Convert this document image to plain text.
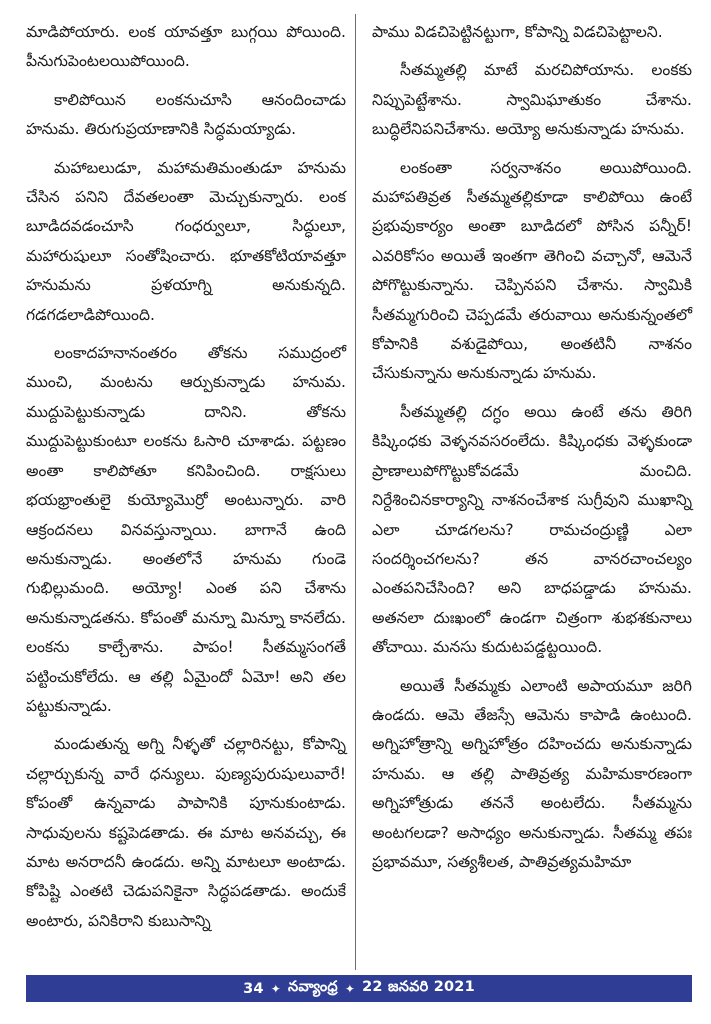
మాడిపోయారు. లంక యావత్తూ బుగ్గయి పోయింది. పీనుగుపెంటలయిపోయింది.

కాలిపోయిన లంకనుచూసి ఆనందించాడు హనుమ. తిరుగుప్రయాణానికి సిద్ధమయ్యాడు.

మహాబలుడూ, మహామతిమంతుడూ హనుమ చేసిన పనిని దేవతలంతా మెచ్చుకున్నారు. లంక బూడిదవడంచూసి గంధర్వులూ, సిద్ధులూ, మహారుషులూ సంతోషించారు. భూతకోటియావత్తూ హనుమను ప్రళయాగ్ని అనుకున్నది. గడగడలాడిపోయింది.

లంకాదహనానంతరం తోకను సముద్రంలో ముంచి, మంటను ఆర్పుకున్నాడు హనుమ. ముద్దుపెట్టుకున్నాడు దానిని. తోకను ముద్దుపెట్టుకుంటూ లంకను ఓసారి చూశాడు. పట్టణం అంతా కాలిపోతూ కనిపించింది. రాక్షసులు భయభ్రాంతులై కుయ్యోమొర్రో అంటున్నారు. వారి ఆక్రందనలు వినవస్తున్నాయి. బాగానే ఉంది అనుకున్నాడు. అంతలోనే హనుమ గుండె గుభిల్లుమంది. అయ్యో! ఎంత పని చేశాను అనుకున్నాడతను. కోపంతో మన్నూ మిన్నూ కానలేదు. లంకను కాల్చేశాను. పాపం! సీతమ్మసంగతే పట్టించుకోలేదు. ఆ తల్లి ఏమైందో ఏమో! అని తల పట్టుకున్నాడు.

మండుతున్న అగ్ని నీళ్ళతో చల్లారినట్టు, కోపాన్ని చల్లార్చుకున్న వారే ధన్యులు. పుణ్యపురుషులువారే! కోపంతో ఉన్నవాడు పాపానికి పూనుకుంటాడు. సాధువులను కష్టపెడతాడు. ఈ మాట అనవచ్చు, ఈ మాట అనరాదనీ ఉండదు. అన్ని మాటలూ అంటాడు. కోపిష్టి ఎంతటి చెడుపనికైనా సిద్ధపడతాడు. అందుకే అంటారు, పనికిరాని కుబుసాన్ని

పాము విడచిపెట్టినట్టుగా, కోపాన్ని విడచిపెట్టాలని.

సీతమ్మతల్లి మాటే మరచిపోయాను. లంకకు నిప్పుపెట్టేశాను. స్వామిఘాతుకం చేశాను. బుద్ధిలేనిపనిచేశాను. అయ్యో అనుకున్నాడు హనుమ.

లంకంతా సర్వనాశనం అయిపోయింది. మహాపతివ్రత సీతమ్మతల్లికూడా కాలిపోయి ఉంటే ప్రభువుకార్యం అంతా బూడిదలో పోసిన పన్నీర్! ఎవరికోసం అయితే ఇంతగా తెగించి వచ్చానో, ఆమెనే పోగొట్టుకున్నాను. చెప్పినపని చేశాను. స్వామికి సీతమ్మగురించి చెప్పడమే తరువాయి అనుకున్నంతలో కోపానికి వశుడైపోయి, అంతటినీ నాశనం చేసుకున్నాను అనుకున్నాడు హనుమ.

సీతమ్మతల్లి దగ్ధం అయి ఉంటే తను తిరిగి కిష్కింధకు వెళ్ళనవసరంలేదు. కిష్కింధకు వెళ్ళకుండా ప్రాణాలుపోగొట్టుకోవడమే మంచిది. నిర్దేశించినకార్యాన్ని నాశనంచేశాక సుగ్రీవుని ముఖాన్ని ఎలా చూడగలను? రామచంద్రుణ్ణి ఎలా సందర్శించగలను? తన వానరచాంచల్యం ఎంతపనిచేసింది? అని బాధపడ్డాడు హనుమ. అతనలా దుఃఖంలో ఉండగా చిత్రంగా శుభశకునాలు తోచాయి. మనసు కుదుటపడ్డట్టయింది.

అయితే సీతమ్మకు ఎలాంటి అపాయమూ జరిగి ఉండదు. ఆమె తేజస్సే ఆమెను కాపాడి ఉంటుంది. అగ్నిహోత్రాన్ని అగ్నిహోత్రం దహించదు అనుకున్నాడు హనుమ. ఆ తల్లి పాతివ్రత్య మహిమకారణంగా అగ్నిహోత్రుడు తననే అంటలేదు. సీతమ్మను అంటగలడా? అసాధ్యం అనుకున్నాడు. సీతమ్మ తపః ప్రభావమూ, సత్యశీలత, పాతివ్రత్యమహిమా

34 ✦ నవ్యాంధ్ర ✦ 22 జనవరి 2021
